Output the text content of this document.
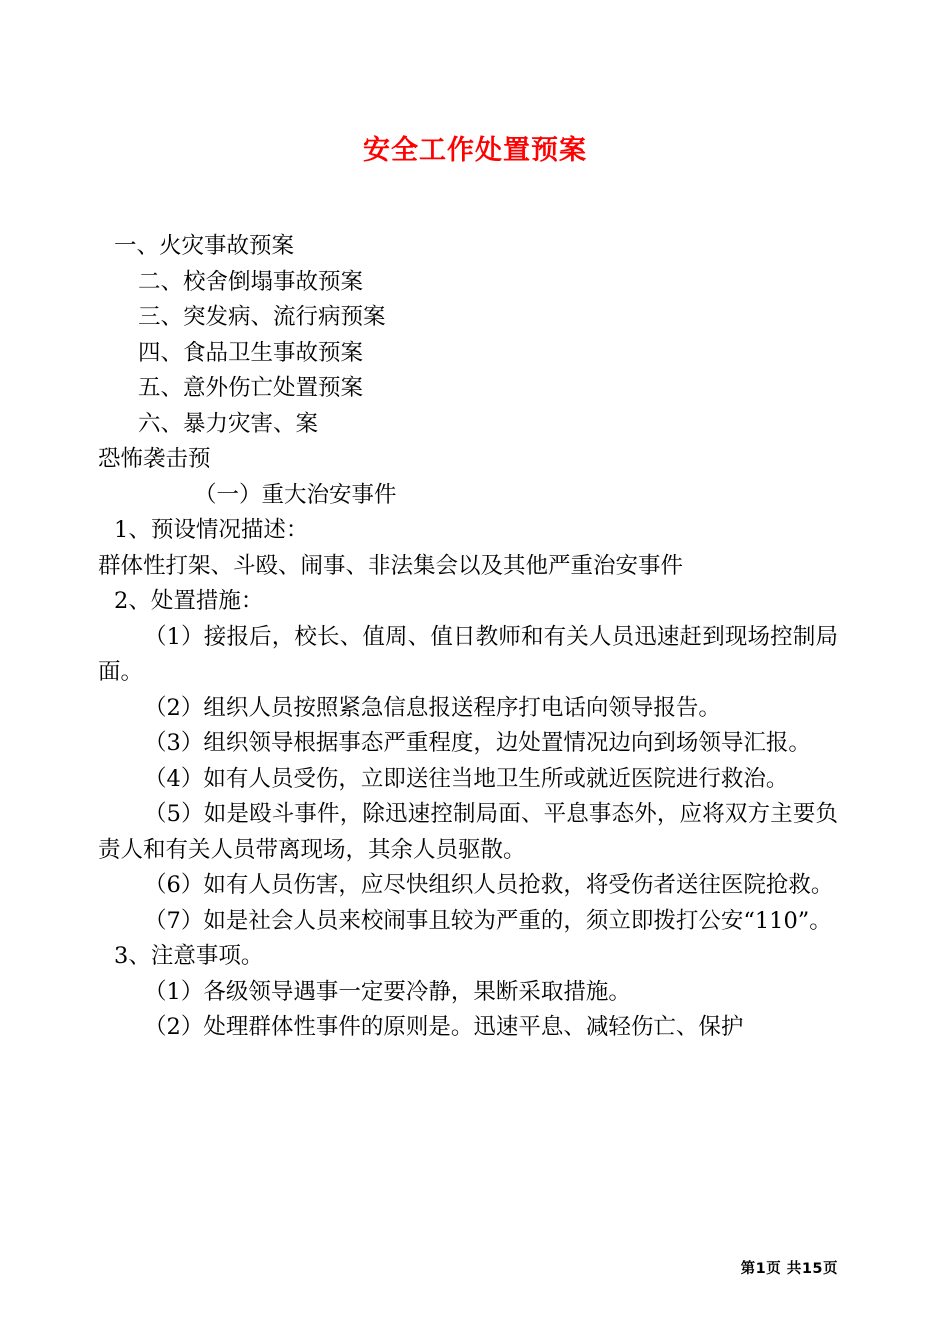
安全工作处置预案

一、火灾事故预案

二、校舍倒塌事故预案

三、突发病、流行病预案

四、食品卫生事故预案

五、意外伤亡处置预案

六、暴力灾害、案

恐怖袭击预

（一）重大治安事件

1、预设情况描述：

群体性打架、斗殴、闹事、非法集会以及其他严重治安事件

2、处置措施：

（1）接报后，校长、值周、值日教师和有关人员迅速赶到现场控制局面。

（2）组织人员按照紧急信息报送程序打电话向领导报告。

（3）组织领导根据事态严重程度，边处置情况边向到场领导汇报。

（4）如有人员受伤，立即送往当地卫生所或就近医院进行救治。

（5）如是殴斗事件，除迅速控制局面、平息事态外，应将双方主要负责人和有关人员带离现场，其余人员驱散。

（6）如有人员伤害，应尽快组织人员抢救，将受伤者送往医院抢救。

（7）如是社会人员来校闹事且较为严重的，须立即拨打公安“110”。

3、注意事项。

（1）各级领导遇事一定要冷静，果断采取措施。

（2）处理群体性事件的原则是。迅速平息、减轻伤亡、保护

第1页 共15页
